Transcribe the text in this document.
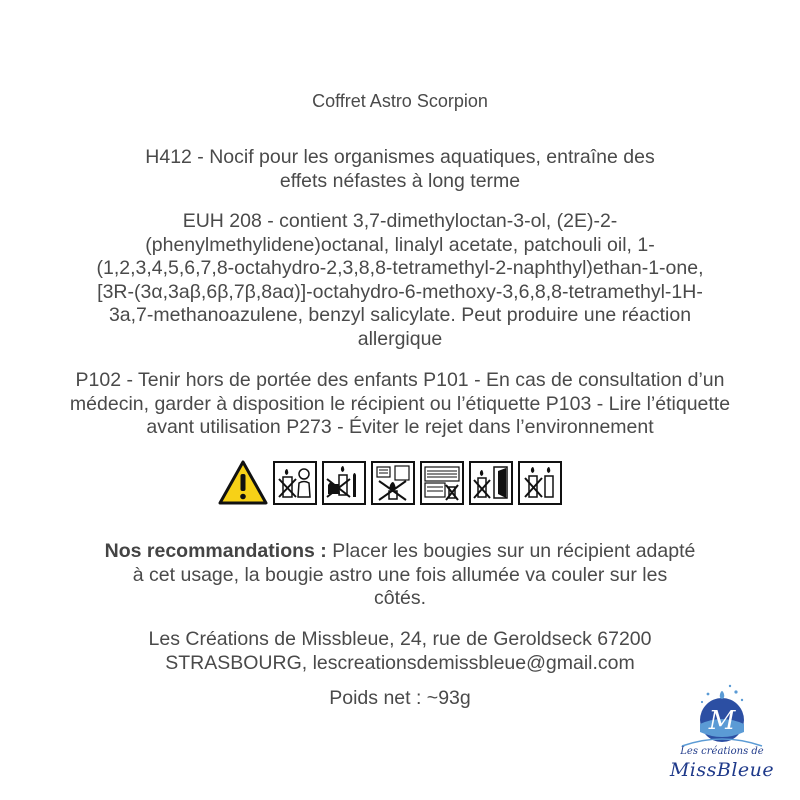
Coffret Astro Scorpion
H412 - Nocif pour les organismes aquatiques, entraîne des
effets néfastes à long terme
EUH 208 - contient 3,7-dimethyloctan-3-ol, (2E)-2-
(phenylmethylidene)octanal, linalyl acetate, patchouli oil, 1-
(1,2,3,4,5,6,7,8-octahydro-2,3,8,8-tetramethyl-2-naphthyl)ethan-1-one,
[3R-(3α,3aβ,6β,7β,8aα)]-octahydro-6-methoxy-3,6,8,8-tetramethyl-1H-
3a,7-methanoazulene, benzyl salicylate. Peut produire une réaction
allergique
P102 - Tenir hors de portée des enfants P101 - En cas de consultation d’un
médecin, garder à disposition le récipient ou l’étiquette P103 - Lire l’étiquette
avant utilisation P273 - Éviter le rejet dans l’environnement
Nos recommandations : Placer les bougies sur un récipient adapté
à cet usage, la bougie astro une fois allumée va couler sur les
côtés.
Les Créations de Missbleue, 24, rue de Geroldseck 67200
STRASBOURG, lescreationsdemissbleue@gmail.com
Poids net : ~93g
M
Les créations de
MissBleue
